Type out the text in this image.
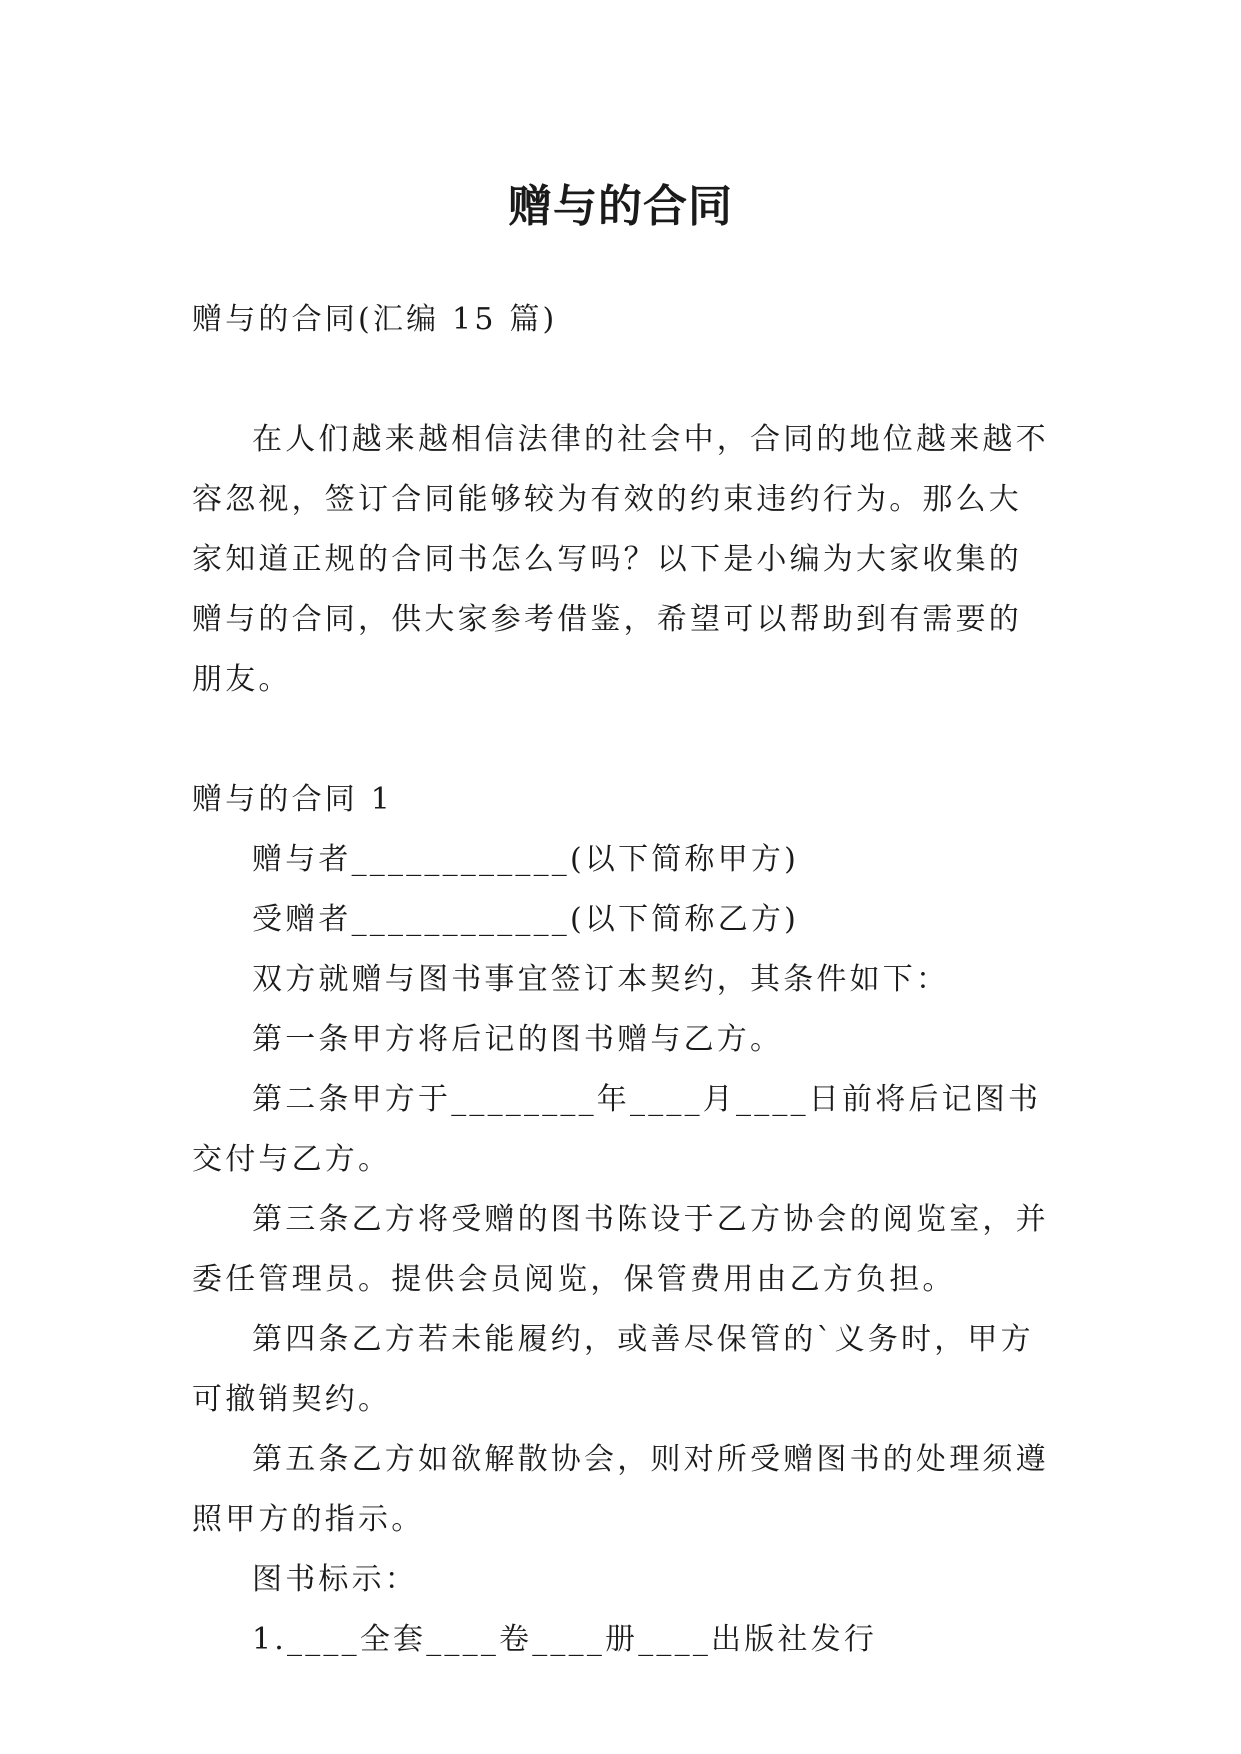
赠与的合同

赠与的合同(汇编 15 篇)

在人们越来越相信法律的社会中，合同的地位越来越不容忽视，签订合同能够较为有效的约束违约行为。那么大家知道正规的合同书怎么写吗？以下是小编为大家收集的赠与的合同，供大家参考借鉴，希望可以帮助到有需要的朋友。

赠与的合同 1

赠与者____________(以下简称甲方)

受赠者____________(以下简称乙方)

双方就赠与图书事宜签订本契约，其条件如下：

第一条甲方将后记的图书赠与乙方。

第二条甲方于________年____月____日前将后记图书交付与乙方。

第三条乙方将受赠的图书陈设于乙方协会的阅览室，并委任管理员。提供会员阅览，保管费用由乙方负担。

第四条乙方若未能履约，或善尽保管的`义务时，甲方可撤销契约。

第五条乙方如欲解散协会，则对所受赠图书的处理须遵照甲方的指示。

图书标示：

1.____全套____卷____册____出版社发行
